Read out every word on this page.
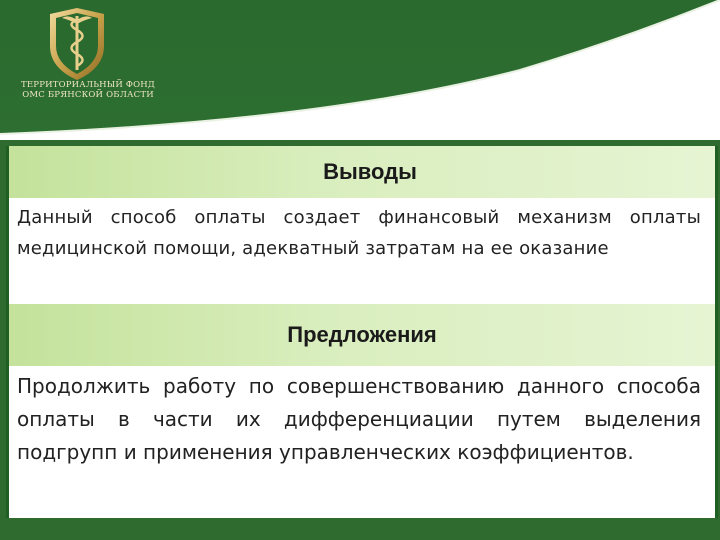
ТЕРРИТОРИАЛЬНЫЙ ФОНД
ОМС БРЯНСКОЙ ОБЛАСТИ
Выводы
Данный способ оплаты создает финансовый механизм оплаты медицинской помощи, адекватный затратам на ее оказание
Предложения
Продолжить работу по совершенствованию данного способа оплаты в части их дифференциации путем выделения подгрупп и применения управленческих коэффициентов.
